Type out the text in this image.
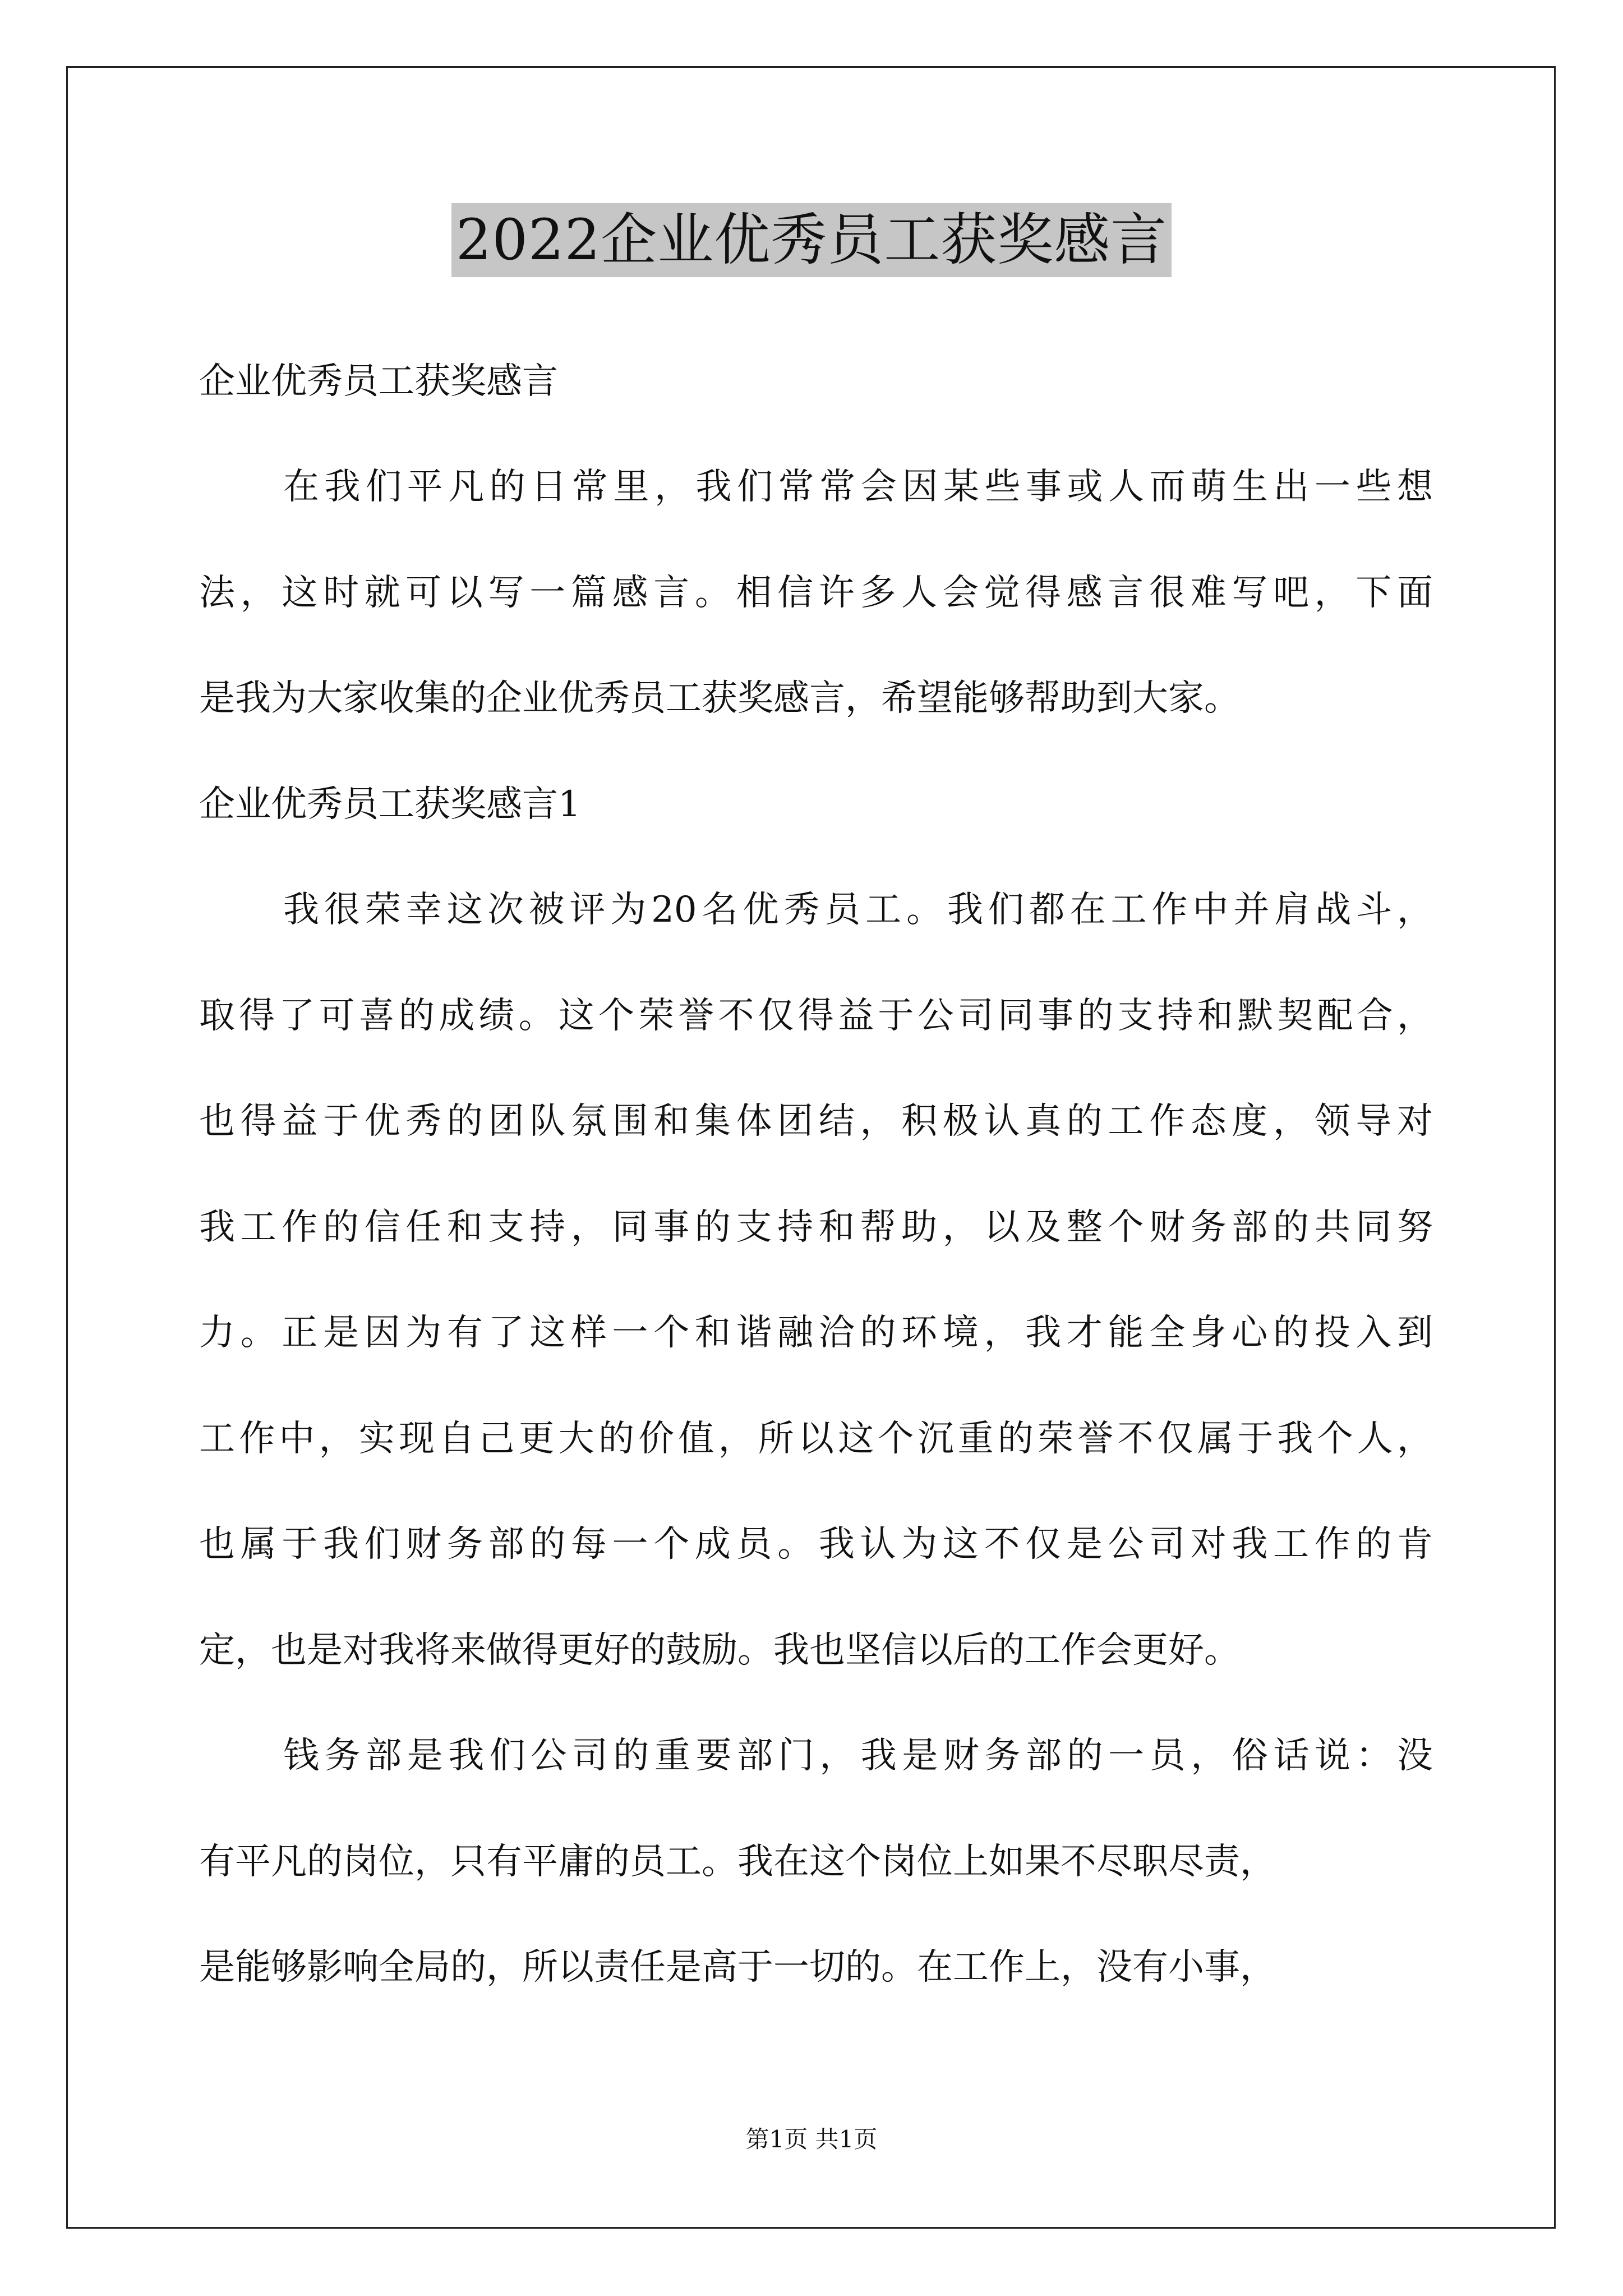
2022企业优秀员工获奖感言
企业优秀员工获奖感言
在我们平凡的日常里，我们常常会因某些事或人而萌生出一些想
法，这时就可以写一篇感言。相信许多人会觉得感言很难写吧，下面
是我为大家收集的企业优秀员工获奖感言，希望能够帮助到大家。
企业优秀员工获奖感言1
我很荣幸这次被评为20名优秀员工。我们都在工作中并肩战斗，
取得了可喜的成绩。这个荣誉不仅得益于公司同事的支持和默契配合，
也得益于优秀的团队氛围和集体团结，积极认真的工作态度，领导对
我工作的信任和支持，同事的支持和帮助，以及整个财务部的共同努
力。正是因为有了这样一个和谐融洽的环境，我才能全身心的投入到
工作中，实现自己更大的价值，所以这个沉重的荣誉不仅属于我个人，
也属于我们财务部的每一个成员。我认为这不仅是公司对我工作的肯
定，也是对我将来做得更好的鼓励。我也坚信以后的工作会更好。
钱务部是我们公司的重要部门，我是财务部的一员，俗话说：没
有平凡的岗位，只有平庸的员工。我在这个岗位上如果不尽职尽责，
是能够影响全局的，所以责任是高于一切的。在工作上，没有小事，
第1页 共1页
